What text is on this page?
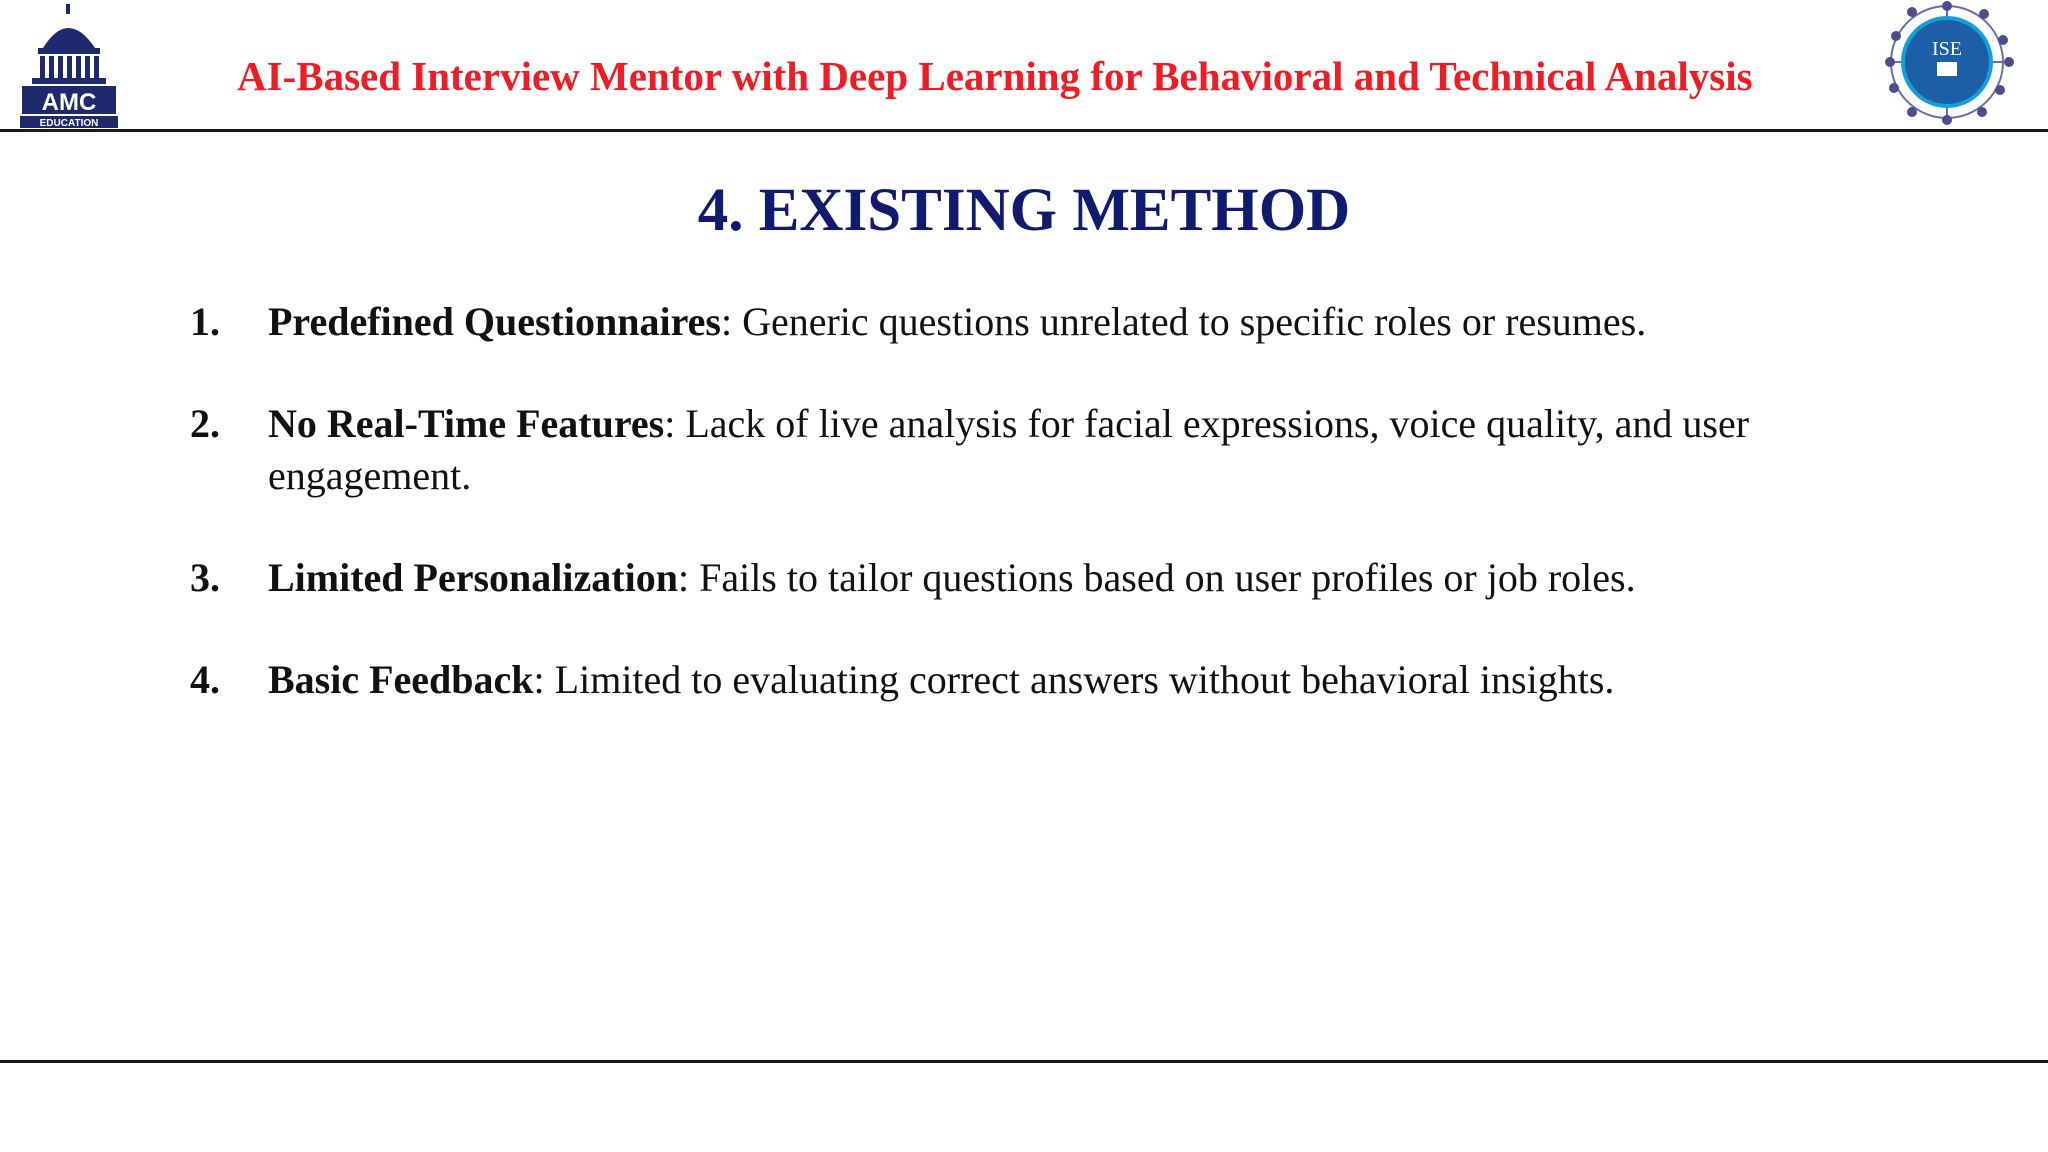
AMC
EDUCATION
AI-Based Interview Mentor with Deep Learning for Behavioral and Technical Analysis
ISE
4. EXISTING METHOD
1. Predefined Questionnaires: Generic questions unrelated to specific roles or resumes.
2. No Real-Time Features: Lack of live analysis for facial expressions, voice quality, and user engagement.
3. Limited Personalization: Fails to tailor questions based on user profiles or job roles.
4. Basic Feedback: Limited to evaluating correct answers without behavioral insights.
